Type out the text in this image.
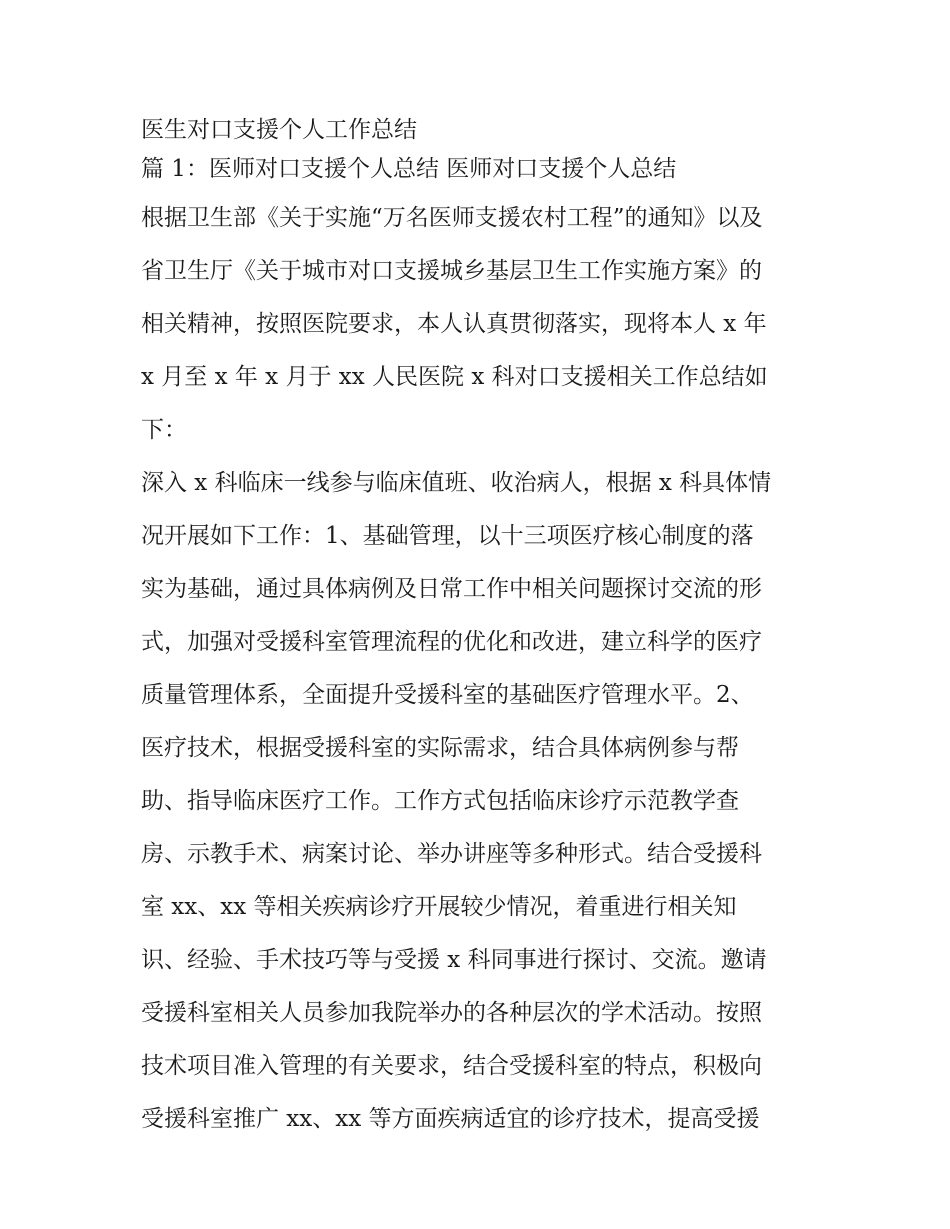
医生对口支援个人工作总结
篇 1：医师对口支援个人总结 医师对口支援个人总结
根据卫生部《关于实施“万名医师支援农村工程”的通知》以及
省卫生厅《关于城市对口支援城乡基层卫生工作实施方案》的
相关精神，按照医院要求，本人认真贯彻落实，现将本人 x 年
x 月至 x 年 x 月于 xx 人民医院 x 科对口支援相关工作总结如
下：
深入 x 科临床一线参与临床值班、收治病人，根据 x 科具体情
况开展如下工作：1、基础管理，以十三项医疗核心制度的落
实为基础，通过具体病例及日常工作中相关问题探讨交流的形
式，加强对受援科室管理流程的优化和改进，建立科学的医疗
质量管理体系，全面提升受援科室的基础医疗管理水平。2、
医疗技术，根据受援科室的实际需求，结合具体病例参与帮
助、指导临床医疗工作。工作方式包括临床诊疗示范教学查
房、示教手术、病案讨论、举办讲座等多种形式。结合受援科
室 xx、xx 等相关疾病诊疗开展较少情况，着重进行相关知
识、经验、手术技巧等与受援 x 科同事进行探讨、交流。邀请
受援科室相关人员参加我院举办的各种层次的学术活动。按照
技术项目准入管理的有关要求，结合受援科室的特点，积极向
受援科室推广 xx、xx 等方面疾病适宜的诊疗技术，提高受援
